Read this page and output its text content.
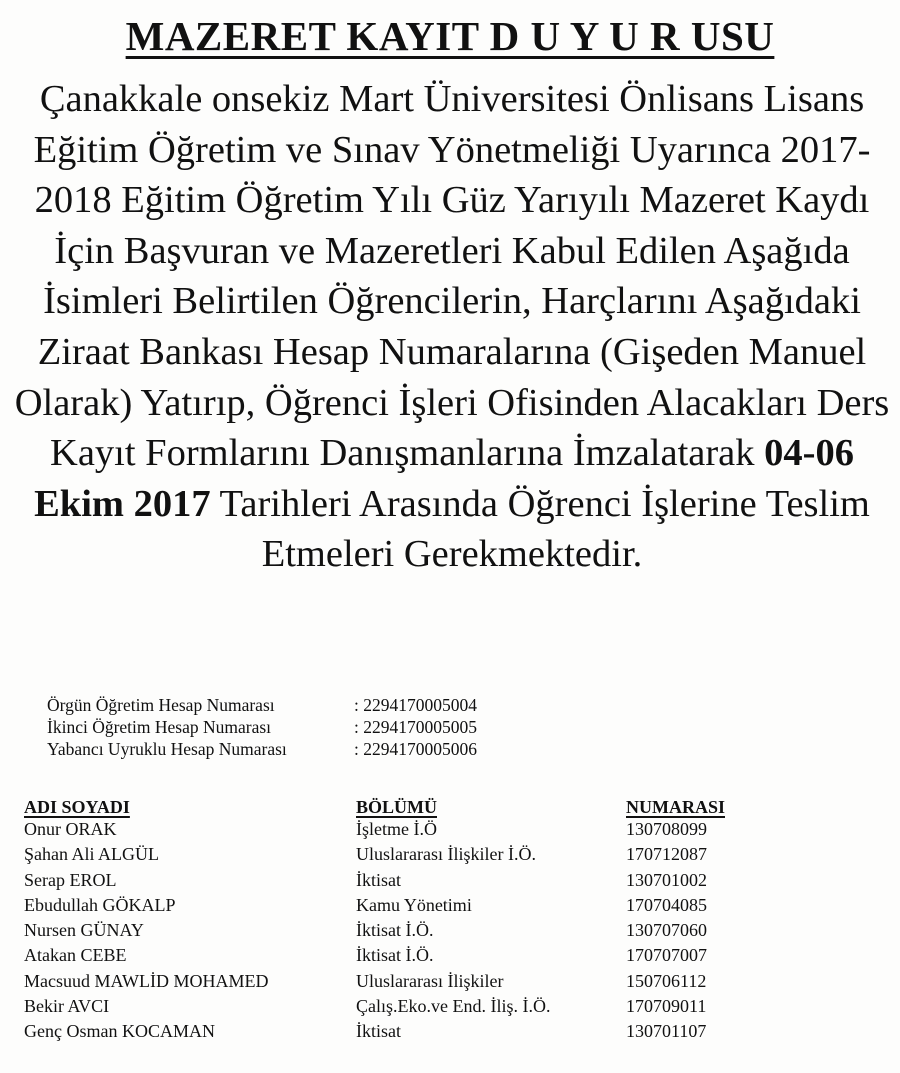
MAZERET KAYIT D U Y U R USU

Çanakkale onsekiz Mart Üniversitesi Önlisans Lisans Eğitim Öğretim ve Sınav Yönetmeliği Uyarınca 2017-2018 Eğitim Öğretim Yılı Güz Yarıyılı Mazeret Kaydı İçin Başvuran ve Mazeretleri Kabul Edilen Aşağıda İsimleri Belirtilen Öğrencilerin, Harçlarını Aşağıdaki Ziraat Bankası Hesap Numaralarına (Gişeden Manuel Olarak) Yatırıp, Öğrenci İşleri Ofisinden Alacakları Ders Kayıt Formlarını Danışmanlarına İmzalatarak 04-06 Ekim 2017 Tarihleri Arasında Öğrenci İşlerine Teslim Etmeleri Gerekmektedir.

Örgün Öğretim Hesap Numarası	: 2294170005004
İkinci Öğretim Hesap Numarası	: 2294170005005
Yabancı Uyruklu Hesap Numarası	: 2294170005006
ADI SOYADI	BÖLÜMÜ	NUMARASI
Onur ORAK	İşletme İ.Ö	130708099
Şahan Ali ALGÜL	Uluslararası İlişkiler İ.Ö.	170712087
Serap EROL	İktisat	130701002
Ebudullah GÖKALP	Kamu Yönetimi	170704085
Nursen GÜNAY	İktisat İ.Ö.	130707060
Atakan CEBE	İktisat İ.Ö.	170707007
Macsuud MAWLİD MOHAMED	Uluslararası İlişkiler	150706112
Bekir AVCI	Çalış.Eko.ve End. İliş. İ.Ö.	170709011
Genç Osman KOCAMAN	İktisat	130701107
